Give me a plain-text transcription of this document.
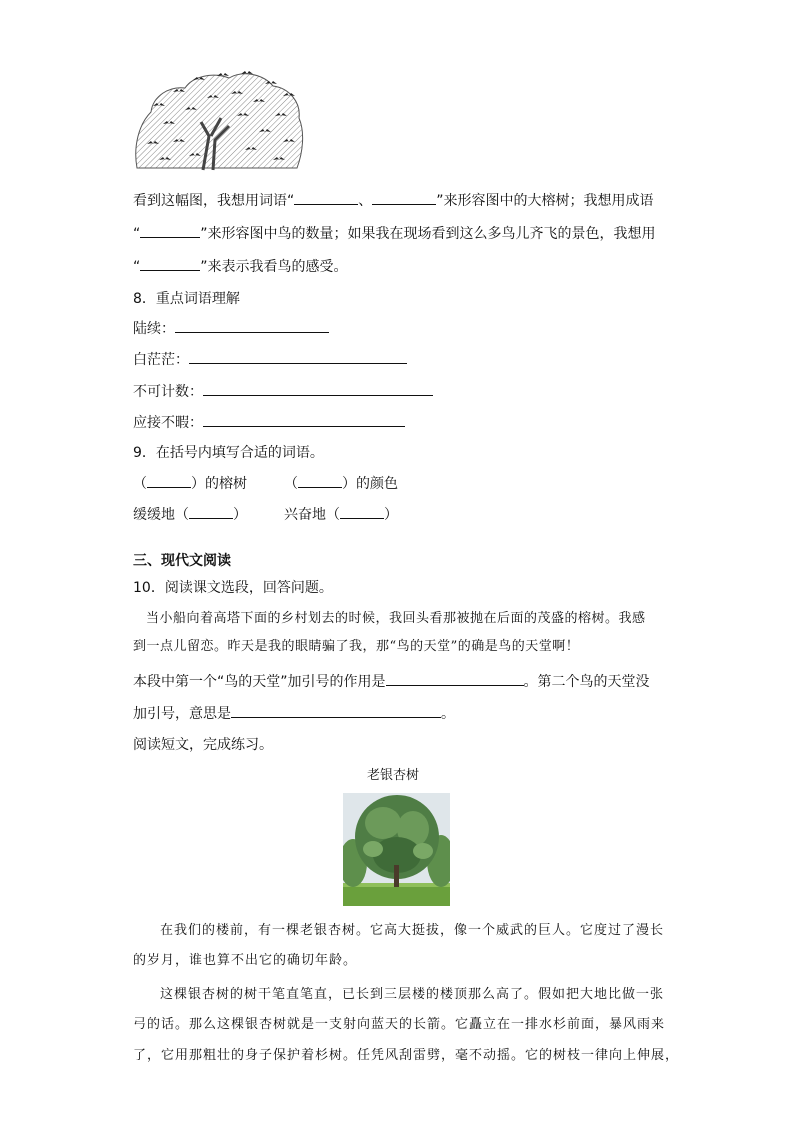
看到这幅图，我想用词语“	、	”来形容图中的大榕树；我想用成语
“	”来形容图中鸟的数量；如果我在现场看到这么多鸟儿齐飞的景色，我想用
“	”来表示我看鸟的感受。
8．重点词语理解
陆续：
白茫茫：
不可计数：
应接不暇：
9．在括号内填写合适的词语。
（	）的榕树	（	）的颜色
缓缓地（	）	兴奋地（	）
三、现代文阅读
10．阅读课文选段，回答问题。
当小船向着高塔下面的乡村划去的时候，我回头看那被抛在后面的茂盛的榕树。我感
到一点儿留恋。昨天是我的眼睛骗了我，那“鸟的天堂”的确是鸟的天堂啊！
本段中第一个“鸟的天堂”加引号的作用是	。第二个鸟的天堂没
加引号，意思是	。
阅读短文，完成练习。
老银杏树
在我们的楼前，有一棵老银杏树。它高大挺拔，像一个威武的巨人。它度过了漫长
的岁月，谁也算不出它的确切年龄。
这棵银杏树的树干笔直笔直，已长到三层楼的楼顶那么高了。假如把大地比做一张
弓的话。那么这棵银杏树就是一支射向蓝天的长箭。它矗立在一排水杉前面，暴风雨来
了，它用那粗壮的身子保护着杉树。任凭风刮雷劈，毫不动摇。它的树枝一律向上伸展，
